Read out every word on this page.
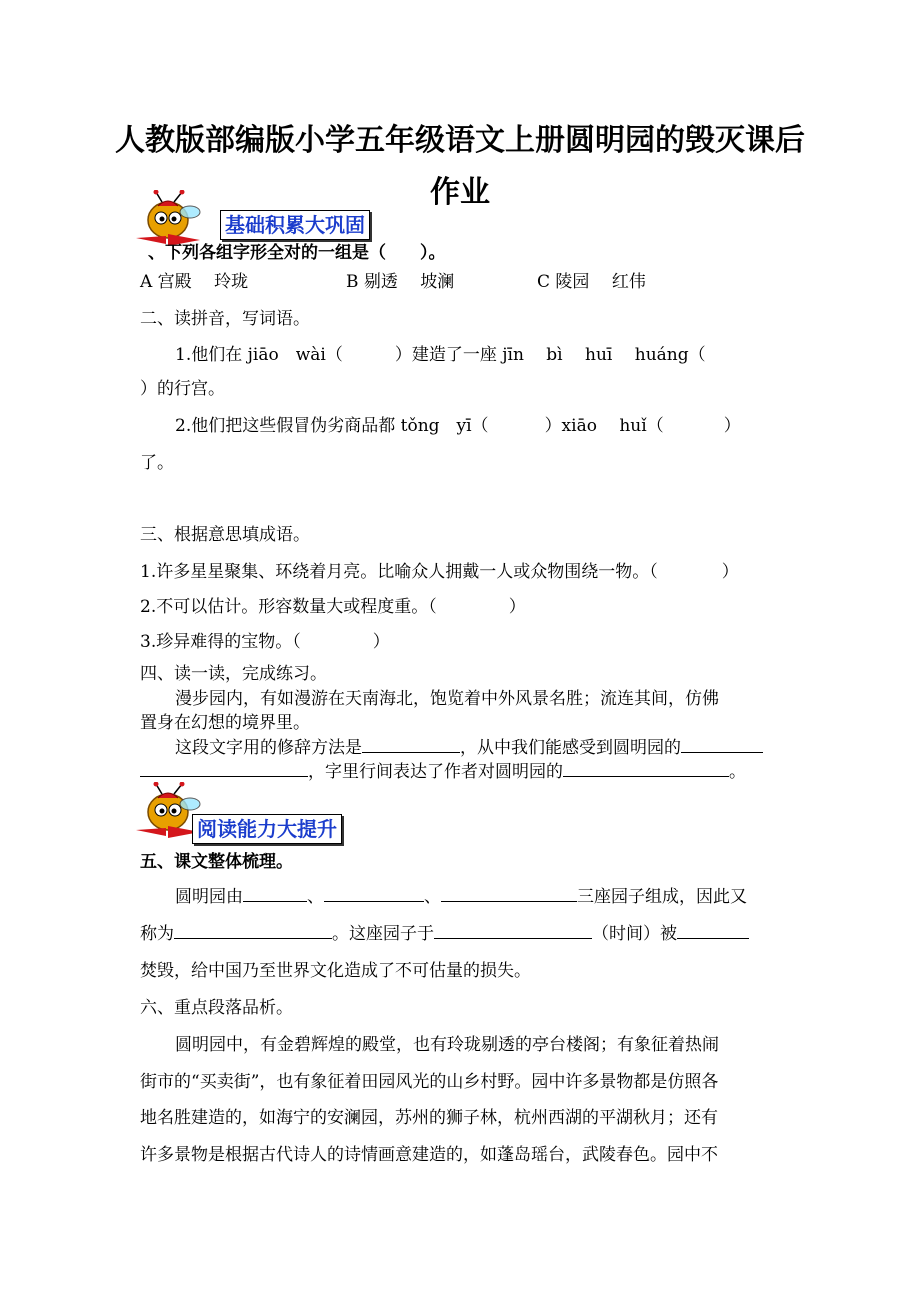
人教版部编版小学五年级语文上册圆明园的毁灭课后
作业
基础积累大巩固
、下列各组字形全对的一组是（　　）。
A 宫殿　 玲珑	B 剔透　 坡澜	C 陵园　 红伟
二、读拼音，写词语。
1.他们在 jiāo　wài（	）建造了一座 jīn　 bì　 huī　 huáng（
）的行宫。
2.他们把这些假冒伪劣商品都 tǒng　yī（	）xiāo　 huǐ（	）
了。
三、根据意思填成语。
1.许多星星聚集、环绕着月亮。比喻众人拥戴一人或众物围绕一物。（	）
2.不可以估计。形容数量大或程度重。（	）
3.珍异难得的宝物。（	）
四、读一读，完成练习。
漫步园内，有如漫游在天南海北，饱览着中外风景名胜；流连其间，仿佛
置身在幻想的境界里。
这段文字用的修辞方法是	，从中我们能感受到圆明园的
，字里行间表达了作者对圆明园的	。
阅读能力大提升
五、课文整体梳理。
圆明园由	、	、	三座园子组成，因此又
称为	。这座园子于	（时间）被
焚毁，给中国乃至世界文化造成了不可估量的损失。
六、重点段落品析。
圆明园中，有金碧辉煌的殿堂，也有玲珑剔透的亭台楼阁；有象征着热闹
街市的“买卖街”，也有象征着田园风光的山乡村野。园中许多景物都是仿照各
地名胜建造的，如海宁的安澜园，苏州的狮子林，杭州西湖的平湖秋月；还有
许多景物是根据古代诗人的诗情画意建造的，如蓬岛瑶台，武陵春色。园中不
